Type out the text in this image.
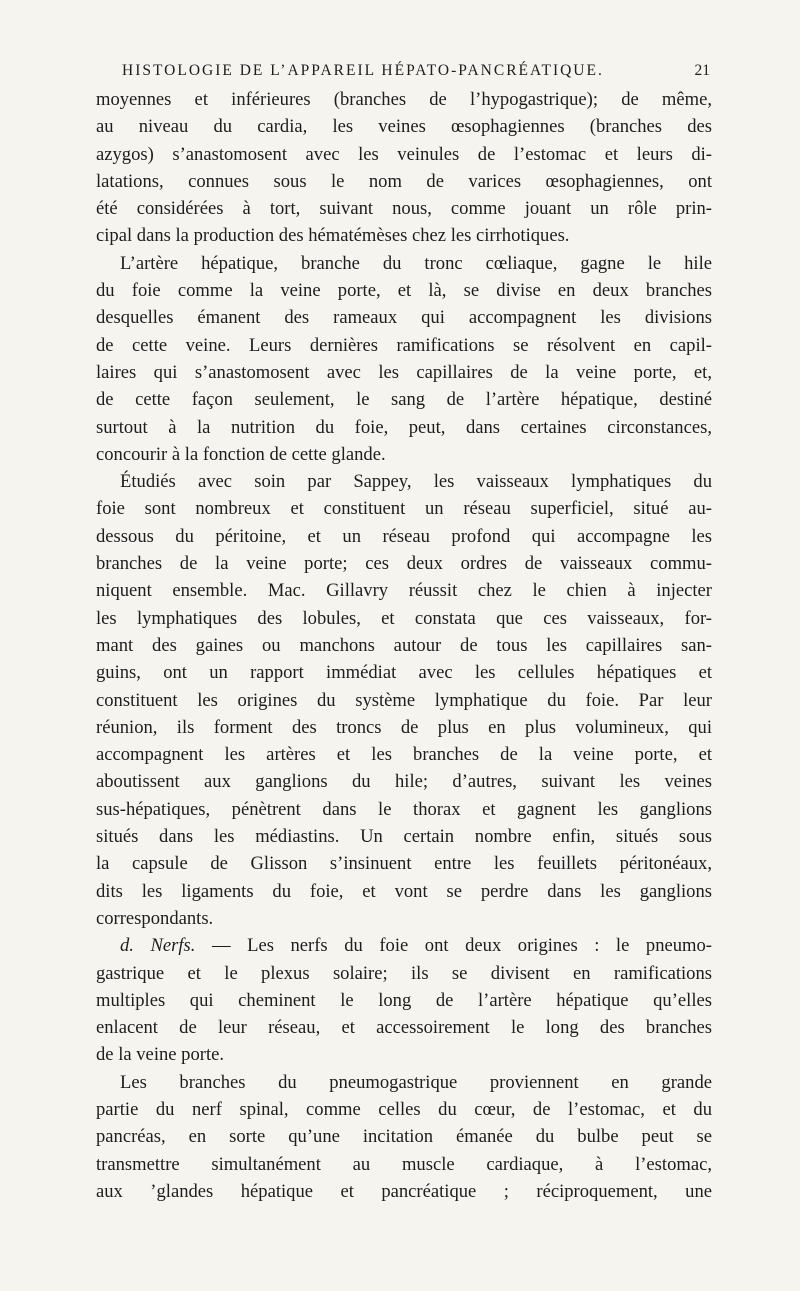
HISTOLOGIE DE L’APPAREIL HÉPATO-PANCRÉATIQUE.	21
moyennes et inférieures (branches de l’hypogastrique); de même,
au niveau du cardia, les veines œsophagiennes (branches des
azygos) s’anastomosent avec les veinules de l’estomac et leurs di-
latations, connues sous le nom de varices œsophagiennes, ont
été considérées à tort, suivant nous, comme jouant un rôle prin-
cipal dans la production des hématémèses chez les cirrhotiques.
L’artère hépatique, branche du tronc cœliaque, gagne le hile
du foie comme la veine porte, et là, se divise en deux branches
desquelles émanent des rameaux qui accompagnent les divisions
de cette veine. Leurs dernières ramifications se résolvent en capil-
laires qui s’anastomosent avec les capillaires de la veine porte, et,
de cette façon seulement, le sang de l’artère hépatique, destiné
surtout à la nutrition du foie, peut, dans certaines circonstances,
concourir à la fonction de cette glande.
Étudiés avec soin par Sappey, les vaisseaux lymphatiques du
foie sont nombreux et constituent un réseau superficiel, situé au-
dessous du péritoine, et un réseau profond qui accompagne les
branches de la veine porte; ces deux ordres de vaisseaux commu-
niquent ensemble. Mac. Gillavry réussit chez le chien à injecter
les lymphatiques des lobules, et constata que ces vaisseaux, for-
mant des gaines ou manchons autour de tous les capillaires san-
guins, ont un rapport immédiat avec les cellules hépatiques et
constituent les origines du système lymphatique du foie. Par leur
réunion, ils forment des troncs de plus en plus volumineux, qui
accompagnent les artères et les branches de la veine porte, et
aboutissent aux ganglions du hile; d’autres, suivant les veines
sus-hépatiques, pénètrent dans le thorax et gagnent les ganglions
situés dans les médiastins. Un certain nombre enfin, situés sous
la capsule de Glisson s’insinuent entre les feuillets péritonéaux,
dits les ligaments du foie, et vont se perdre dans les ganglions
correspondants.
d. Nerfs. — Les nerfs du foie ont deux origines : le pneumo-
gastrique et le plexus solaire; ils se divisent en ramifications
multiples qui cheminent le long de l’artère hépatique qu’elles
enlacent de leur réseau, et accessoirement le long des branches
de la veine porte.
Les branches du pneumogastrique proviennent en grande
partie du nerf spinal, comme celles du cœur, de l’estomac, et du
pancréas, en sorte qu’une incitation émanée du bulbe peut se
transmettre simultanément au muscle cardiaque, à l’estomac,
aux ’glandes hépatique et pancréatique ; réciproquement, une
